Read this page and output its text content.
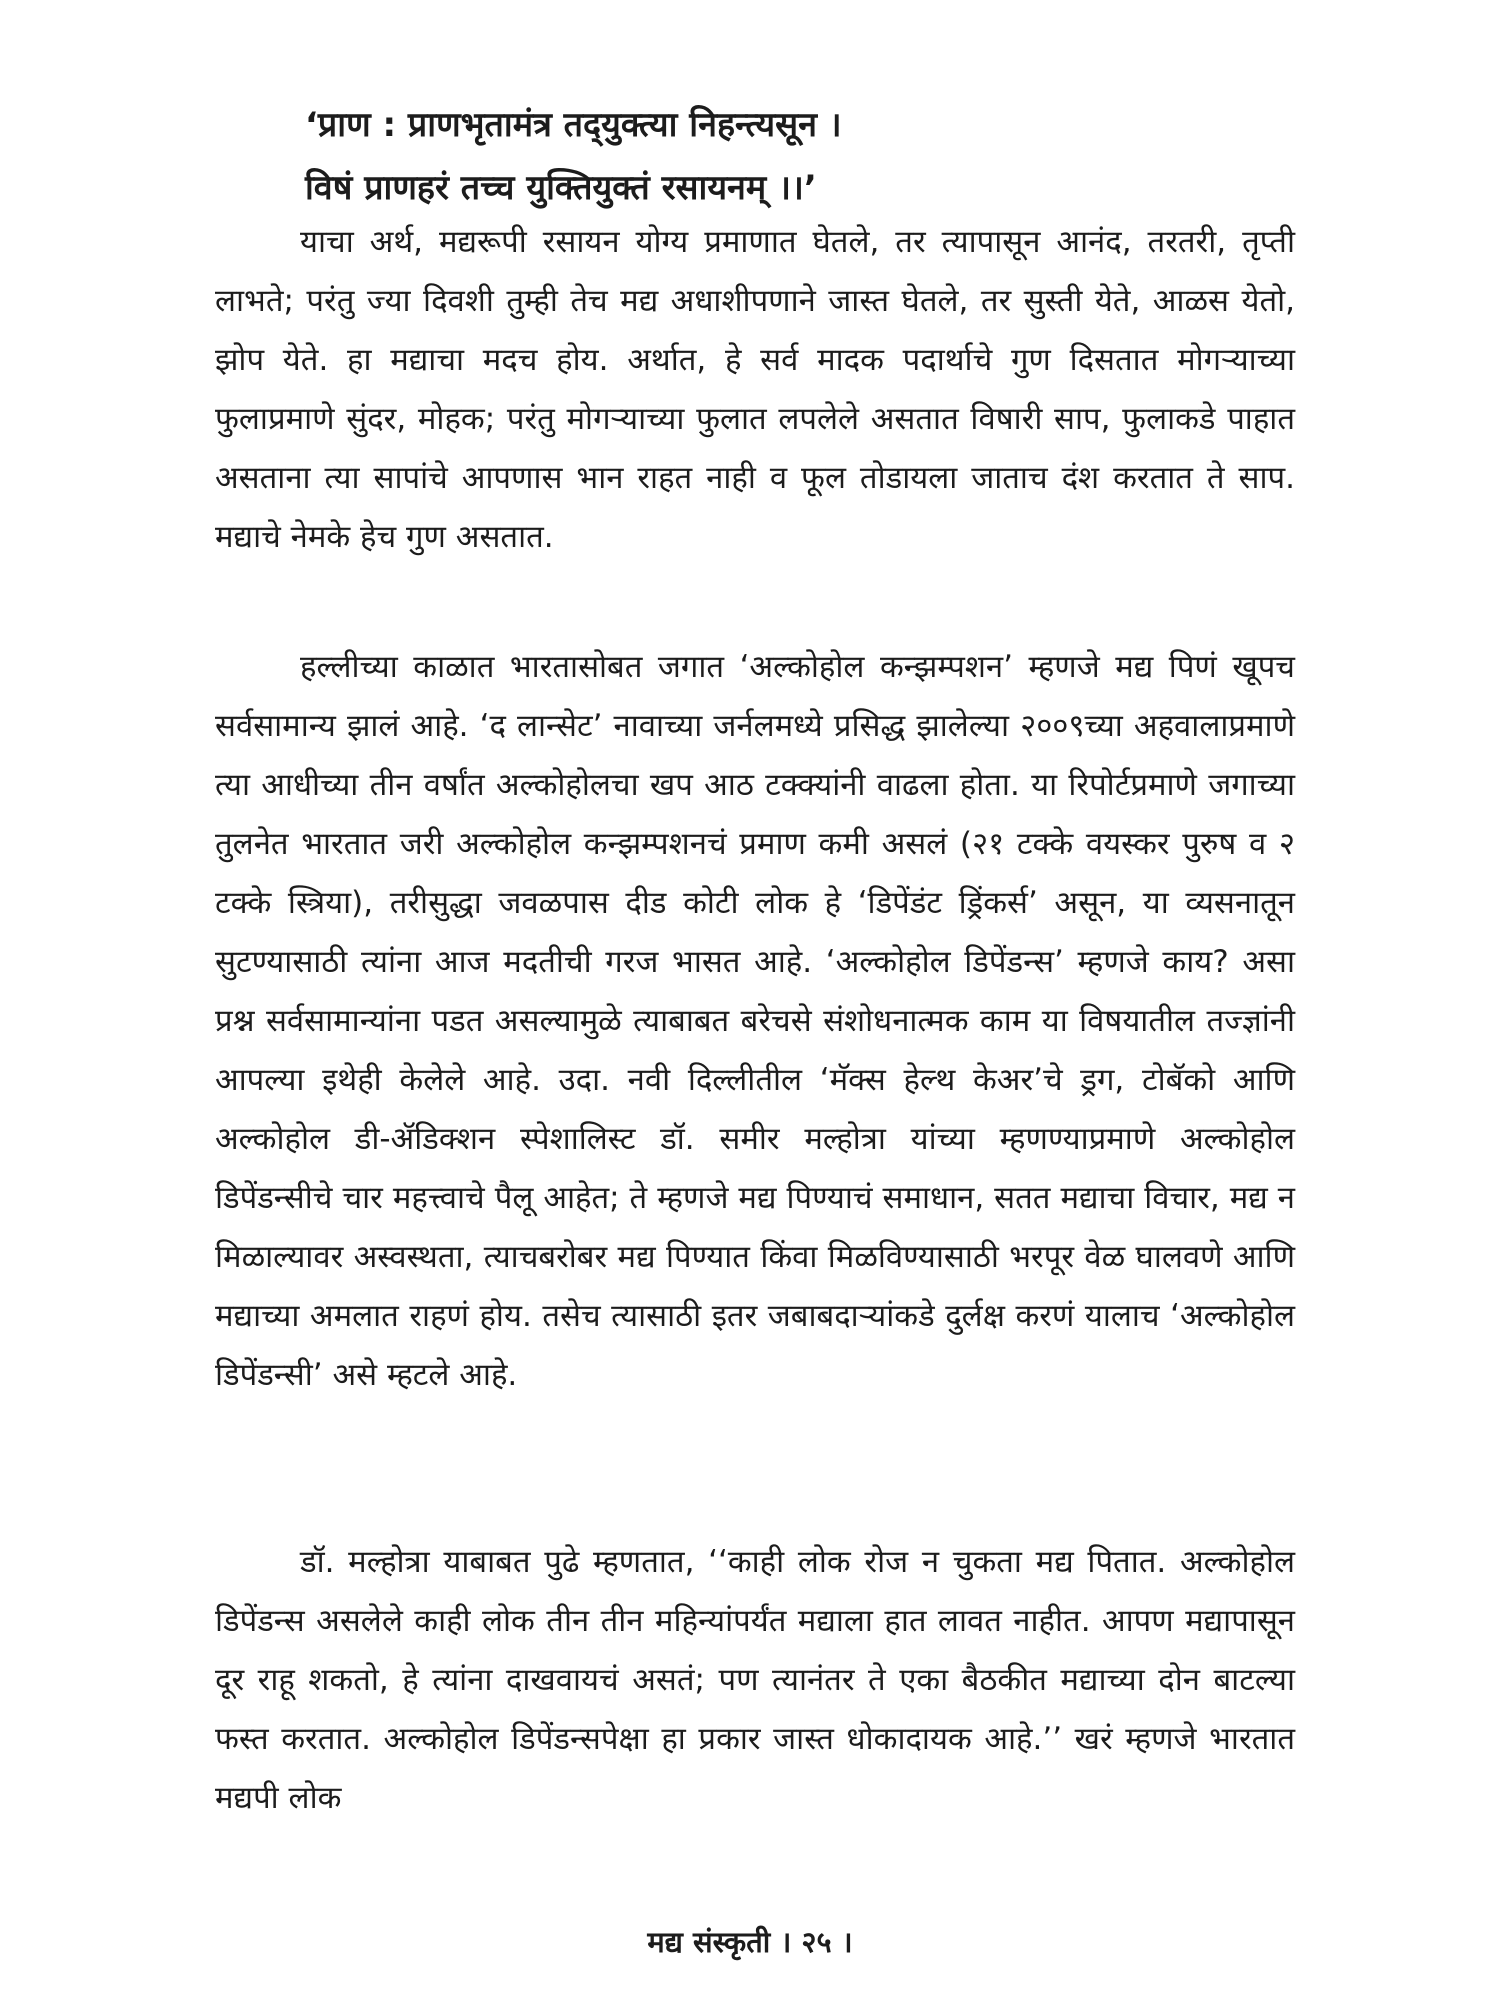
‘प्राण : प्राणभृतामंत्र तद्‌युक्त्या निहन्त्यसून ।

विषं प्राणहरं तच्च युक्तियुक्तं रसायनम्‌ ।।’

याचा अर्थ, मद्यरूपी रसायन योग्य प्रमाणात घेतले, तर त्यापासून आनंद, तरतरी, तृप्ती लाभते; परंतु ज्या दिवशी तुम्ही तेच मद्य अधाशीपणाने जास्त घेतले, तर सुस्ती येते, आळस येतो, झोप येते. हा मद्याचा मदच होय. अर्थात, हे सर्व मादक पदार्थाचे गुण दिसतात मोगऱ्याच्या फुलाप्रमाणे सुंदर, मोहक; परंतु मोगऱ्याच्या फुलात लपलेले असतात विषारी साप, फुलाकडे पाहात असताना त्या सापांचे आपणास भान राहत नाही व फूल तोडायला जाताच दंश करतात ते साप. मद्याचे नेमके हेच गुण असतात.

हल्लीच्या काळात भारतासोबत जगात ‘अल्कोहोल कन्झम्पशन’ म्हणजे मद्य पिणं खूपच सर्वसामान्य झालं आहे. ‘द लान्सेट’ नावाच्या जर्नलमध्ये प्रसिद्ध झालेल्या २००९च्या अहवालाप्रमाणे त्या आधीच्या तीन वर्षांत अल्कोहोलचा खप आठ टक्क्यांनी वाढला होता. या रिपोर्टप्रमाणे जगाच्या तुलनेत भारतात जरी अल्कोहोल कन्झम्पशनचं प्रमाण कमी असलं (२१ टक्के वयस्कर पुरुष व २ टक्के स्त्रिया), तरीसुद्धा जवळपास दीड कोटी लोक हे ‘डिपेंडंट ड्रिंकर्स’ असून, या व्यसनातून सुटण्यासाठी त्यांना आज मदतीची गरज भासत आहे. ‘अल्कोहोल डिपेंडन्स’ म्हणजे काय? असा प्रश्न सर्वसामान्यांना पडत असल्यामुळे त्याबाबत बरेचसे संशोधनात्मक काम या विषयातील तज्ज्ञांनी आपल्या इथेही केलेले आहे. उदा. नवी दिल्लीतील ‘मॅक्स हेल्थ केअर’चे ड्रग, टोबॅको आणि अल्कोहोल डी-ॲडिक्शन स्पेशालिस्ट डॉ. समीर मल्होत्रा यांच्या म्हणण्याप्रमाणे अल्कोहोल डिपेंडन्सीचे चार महत्त्वाचे पैलू आहेत; ते म्हणजे मद्य पिण्याचं समाधान, सतत मद्याचा विचार, मद्य न मिळाल्यावर अस्वस्थता, त्याचबरोबर मद्य पिण्यात किंवा मिळविण्यासाठी भरपूर वेळ घालवणे आणि मद्याच्या अमलात राहणं होय. तसेच त्यासाठी इतर जबाबदाऱ्यांकडे दुर्लक्ष करणं यालाच ‘अल्कोहोल डिपेंडन्सी’ असे म्हटले आहे.

डॉ. मल्होत्रा याबाबत पुढे म्हणतात, ‘‘काही लोक रोज न चुकता मद्य पितात. अल्कोहोल डिपेंडन्स असलेले काही लोक तीन तीन महिन्यांपर्यंत मद्याला हात लावत नाहीत. आपण मद्यापासून दूर राहू शकतो, हे त्यांना दाखवायचं असतं; पण त्यानंतर ते एका बैठकीत मद्याच्या दोन बाटल्या फस्त करतात. अल्कोहोल डिपेंडन्सपेक्षा हा प्रकार जास्त धोकादायक आहे.’’ खरं म्हणजे भारतात मद्यपी लोक

मद्य संस्कृती । २५ ।
